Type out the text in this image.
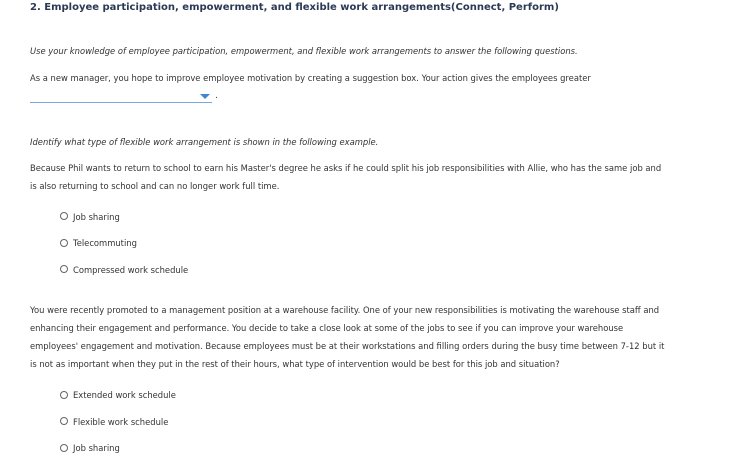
2. Employee participation, empowerment, and flexible work arrangements(Connect, Perform)
Use your knowledge of employee participation, empowerment, and flexible work arrangements to answer the following questions.
As a new manager, you hope to improve employee motivation by creating a suggestion box. Your action gives the employees greater
.
Identify what type of flexible work arrangement is shown in the following example.
Because Phil wants to return to school to earn his Master's degree he asks if he could split his job responsibilities with Allie, who has the same job and
is also returning to school and can no longer work full time.
Job sharing
Telecommuting
Compressed work schedule
You were recently promoted to a management position at a warehouse facility. One of your new responsibilities is motivating the warehouse staff and
enhancing their engagement and performance. You decide to take a close look at some of the jobs to see if you can improve your warehouse
employees' engagement and motivation. Because employees must be at their workstations and filling orders during the busy time between 7-12 but it
is not as important when they put in the rest of their hours, what type of intervention would be best for this job and situation?
Extended work schedule
Flexible work schedule
Job sharing
